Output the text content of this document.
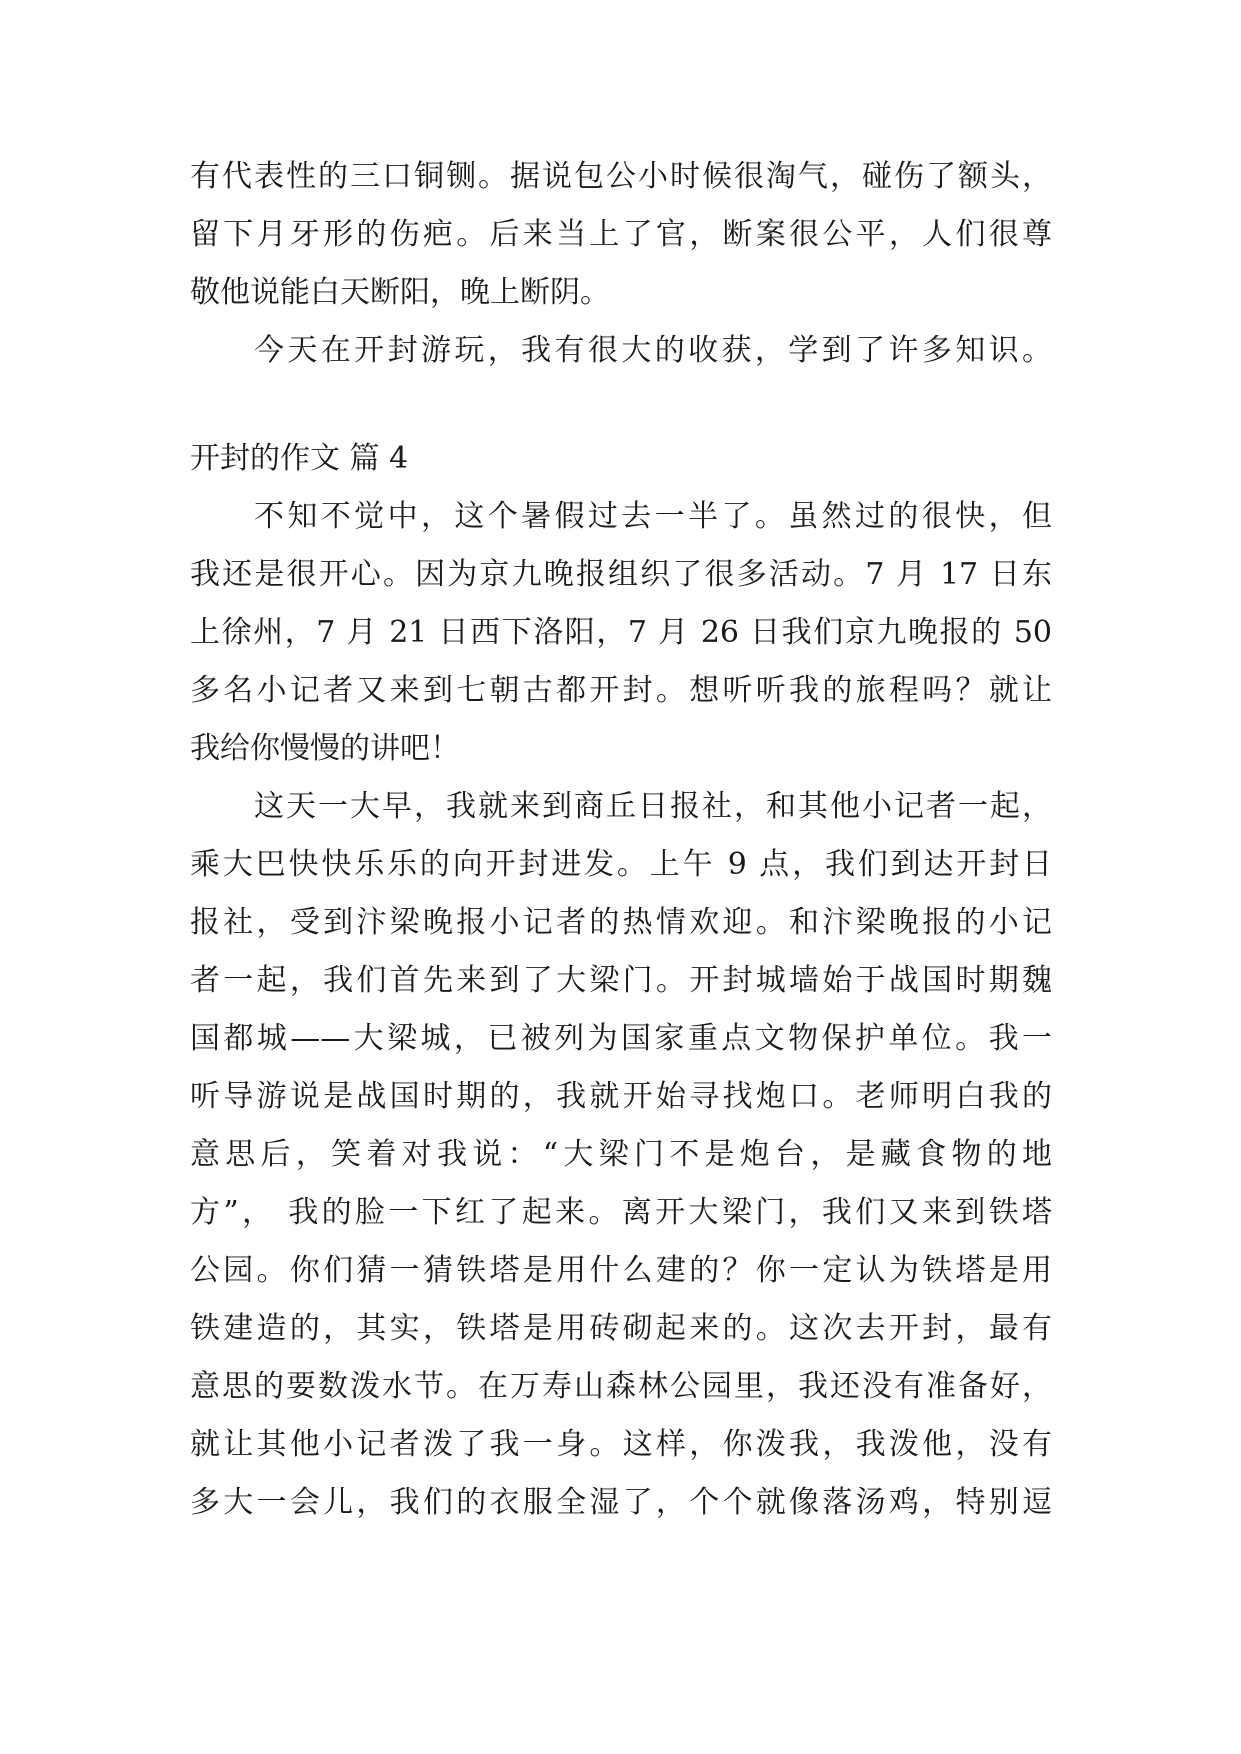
有代表性的三口铜铡。据说包公小时候很淘气，碰伤了额头，
留下月牙形的伤疤。后来当上了官，断案很公平，人们很尊
敬他说能白天断阳，晚上断阴。
今天在开封游玩，我有很大的收获，学到了许多知识。
开封的作文 篇 4
不知不觉中，这个暑假过去一半了。虽然过的很快，但
我还是很开心。因为京九晚报组织了很多活动。7 月 17 日东
上徐州，7 月 21 日西下洛阳，7 月 26 日我们京九晚报的 50
多名小记者又来到七朝古都开封。想听听我的旅程吗？就让
我给你慢慢的讲吧！
这天一大早，我就来到商丘日报社，和其他小记者一起，
乘大巴快快乐乐的向开封进发。上午 9 点，我们到达开封日
报社，受到汴梁晚报小记者的热情欢迎。和汴梁晚报的小记
者一起，我们首先来到了大梁门。开封城墙始于战国时期魏
国都城——大梁城，已被列为国家重点文物保护单位。我一
听导游说是战国时期的，我就开始寻找炮口。老师明白我的
意思后，笑着对我说：“大梁门不是炮台，是藏食物的地
方”， 我的脸一下红了起来。离开大梁门，我们又来到铁塔
公园。你们猜一猜铁塔是用什么建的？你一定认为铁塔是用
铁建造的，其实，铁塔是用砖砌起来的。这次去开封，最有
意思的要数泼水节。在万寿山森林公园里，我还没有准备好，
就让其他小记者泼了我一身。这样，你泼我，我泼他，没有
多大一会儿，我们的衣服全湿了，个个就像落汤鸡，特别逗
